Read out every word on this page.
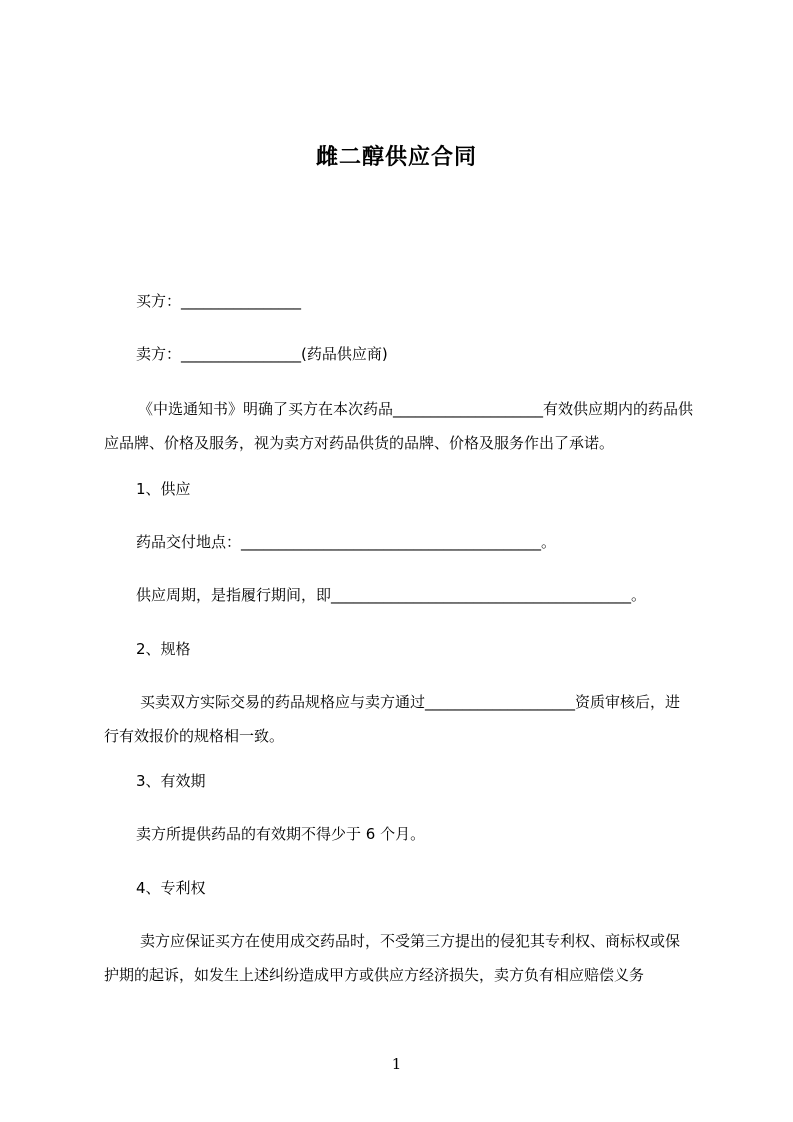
雌二醇供应合同
买方：________________
卖方：________________(药品供应商)
《中选通知书》明确了买方在本次药品____________________有效供应期内的药品供应品牌、价格及服务，视为卖方对药品供货的品牌、价格及服务作出了承诺。
1、供应
药品交付地点：________________________________________。
供应周期，是指履行期间，即________________________________________。
2、规格
买卖双方实际交易的药品规格应与卖方通过____________________资质审核后，进行有效报价的规格相一致。
3、有效期
卖方所提供药品的有效期不得少于 6 个月。
4、专利权
卖方应保证买方在使用成交药品时，不受第三方提出的侵犯其专利权、商标权或保护期的起诉，如发生上述纠纷造成甲方或供应方经济损失，卖方负有相应赔偿义务
1
